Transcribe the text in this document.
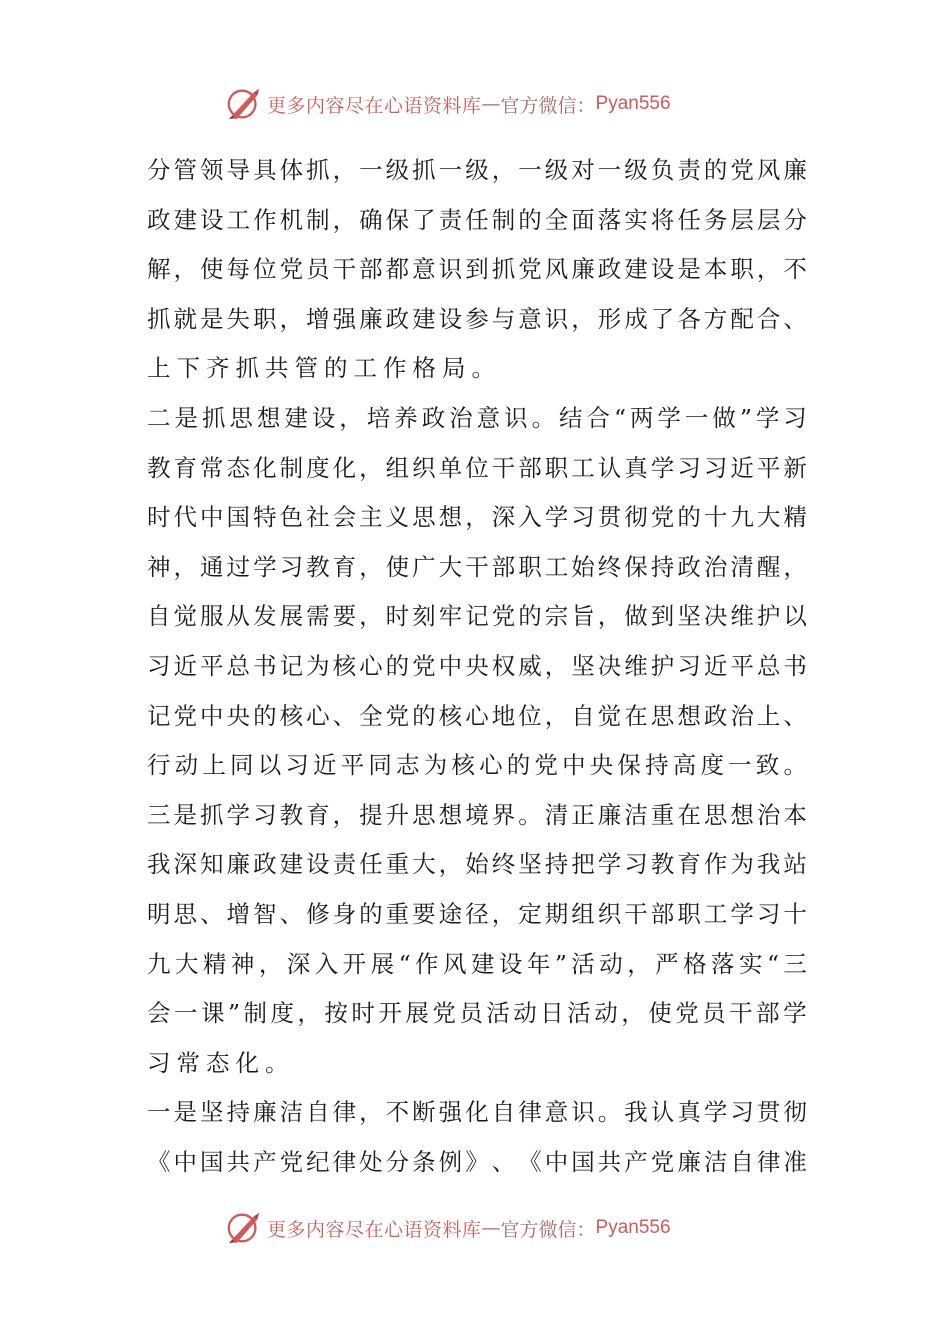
更多内容尽在心语资料库 — 官方微信： Pyan556
分 管 领 导 具 体 抓 ， 一 级 抓 一 级 ， 一 级 对 一 级 负 责 的 党 风 廉
政 建 设 工 作 机 制 ， 确 保 了 责 任 制 的 全 面 落 实 将 任 务 层 层 分
解 ， 使 每 位 党 员 干 部 都 意 识 到 抓 党 风 廉 政 建 设 是 本 职 ， 不
抓 就 是 失 职 ， 增 强 廉 政 建 设 参 与 意 识 ， 形 成 了 各 方 配 合 、
上下齐抓共管的工作格局。
二 是 抓 思 想 建 设 ， 培 养 政 治 意 识 。 结 合 “ 两 学 一 做 ” 学 习
教 育 常 态 化 制 度 化 ， 组 织 单 位 干 部 职 工 认 真 学 习 习 近 平 新
时 代 中 国 特 色 社 会 主 义 思 想 ， 深 入 学 习 贯 彻 党 的 十 九 大 精
神 ， 通 过 学 习 教 育 ， 使 广 大 干 部 职 工 始 终 保 持 政 治 清 醒 ，
自 觉 服 从 发 展 需 要 ， 时 刻 牢 记 党 的 宗 旨 ， 做 到 坚 决 维 护 以
习 近 平 总 书 记 为 核 心 的 党 中 央 权 威 ， 坚 决 维 护 习 近 平 总 书
记 党 中 央 的 核 心 、 全 党 的 核 心 地 位 ， 自 觉 在 思 想 政 治 上 、
行 动 上 同 以 习 近 平 同 志 为 核 心 的 党 中 央 保 持 高 度 一 致 。
三 是 抓 学 习 教 育 ， 提 升 思 想 境 界 。 清 正 廉 洁 重 在 思 想 治 本
我 深 知 廉 政 建 设 责 任 重 大 ， 始 终 坚 持 把 学 习 教 育 作 为 我 站
明 思 、 增 智 、 修 身 的 重 要 途 径 ， 定 期 组 织 干 部 职 工 学 习 十
九 大 精 神 ， 深 入 开 展 “ 作 风 建 设 年 ” 活 动 ， 严 格 落 实 “ 三
会 一 课 ” 制 度 ， 按 时 开 展 党 员 活 动 日 活 动 ， 使 党 员 干 部 学
习常态化。
一 是 坚 持 廉 洁 自 律 ， 不 断 强 化 自 律 意 识 。 我 认 真 学 习 贯 彻
《 中 国 共 产 党 纪 律 处 分 条 例 》 、 《 中 国 共 产 党 廉 洁 自 律 准
更多内容尽在心语资料库 — 官方微信： Pyan556
